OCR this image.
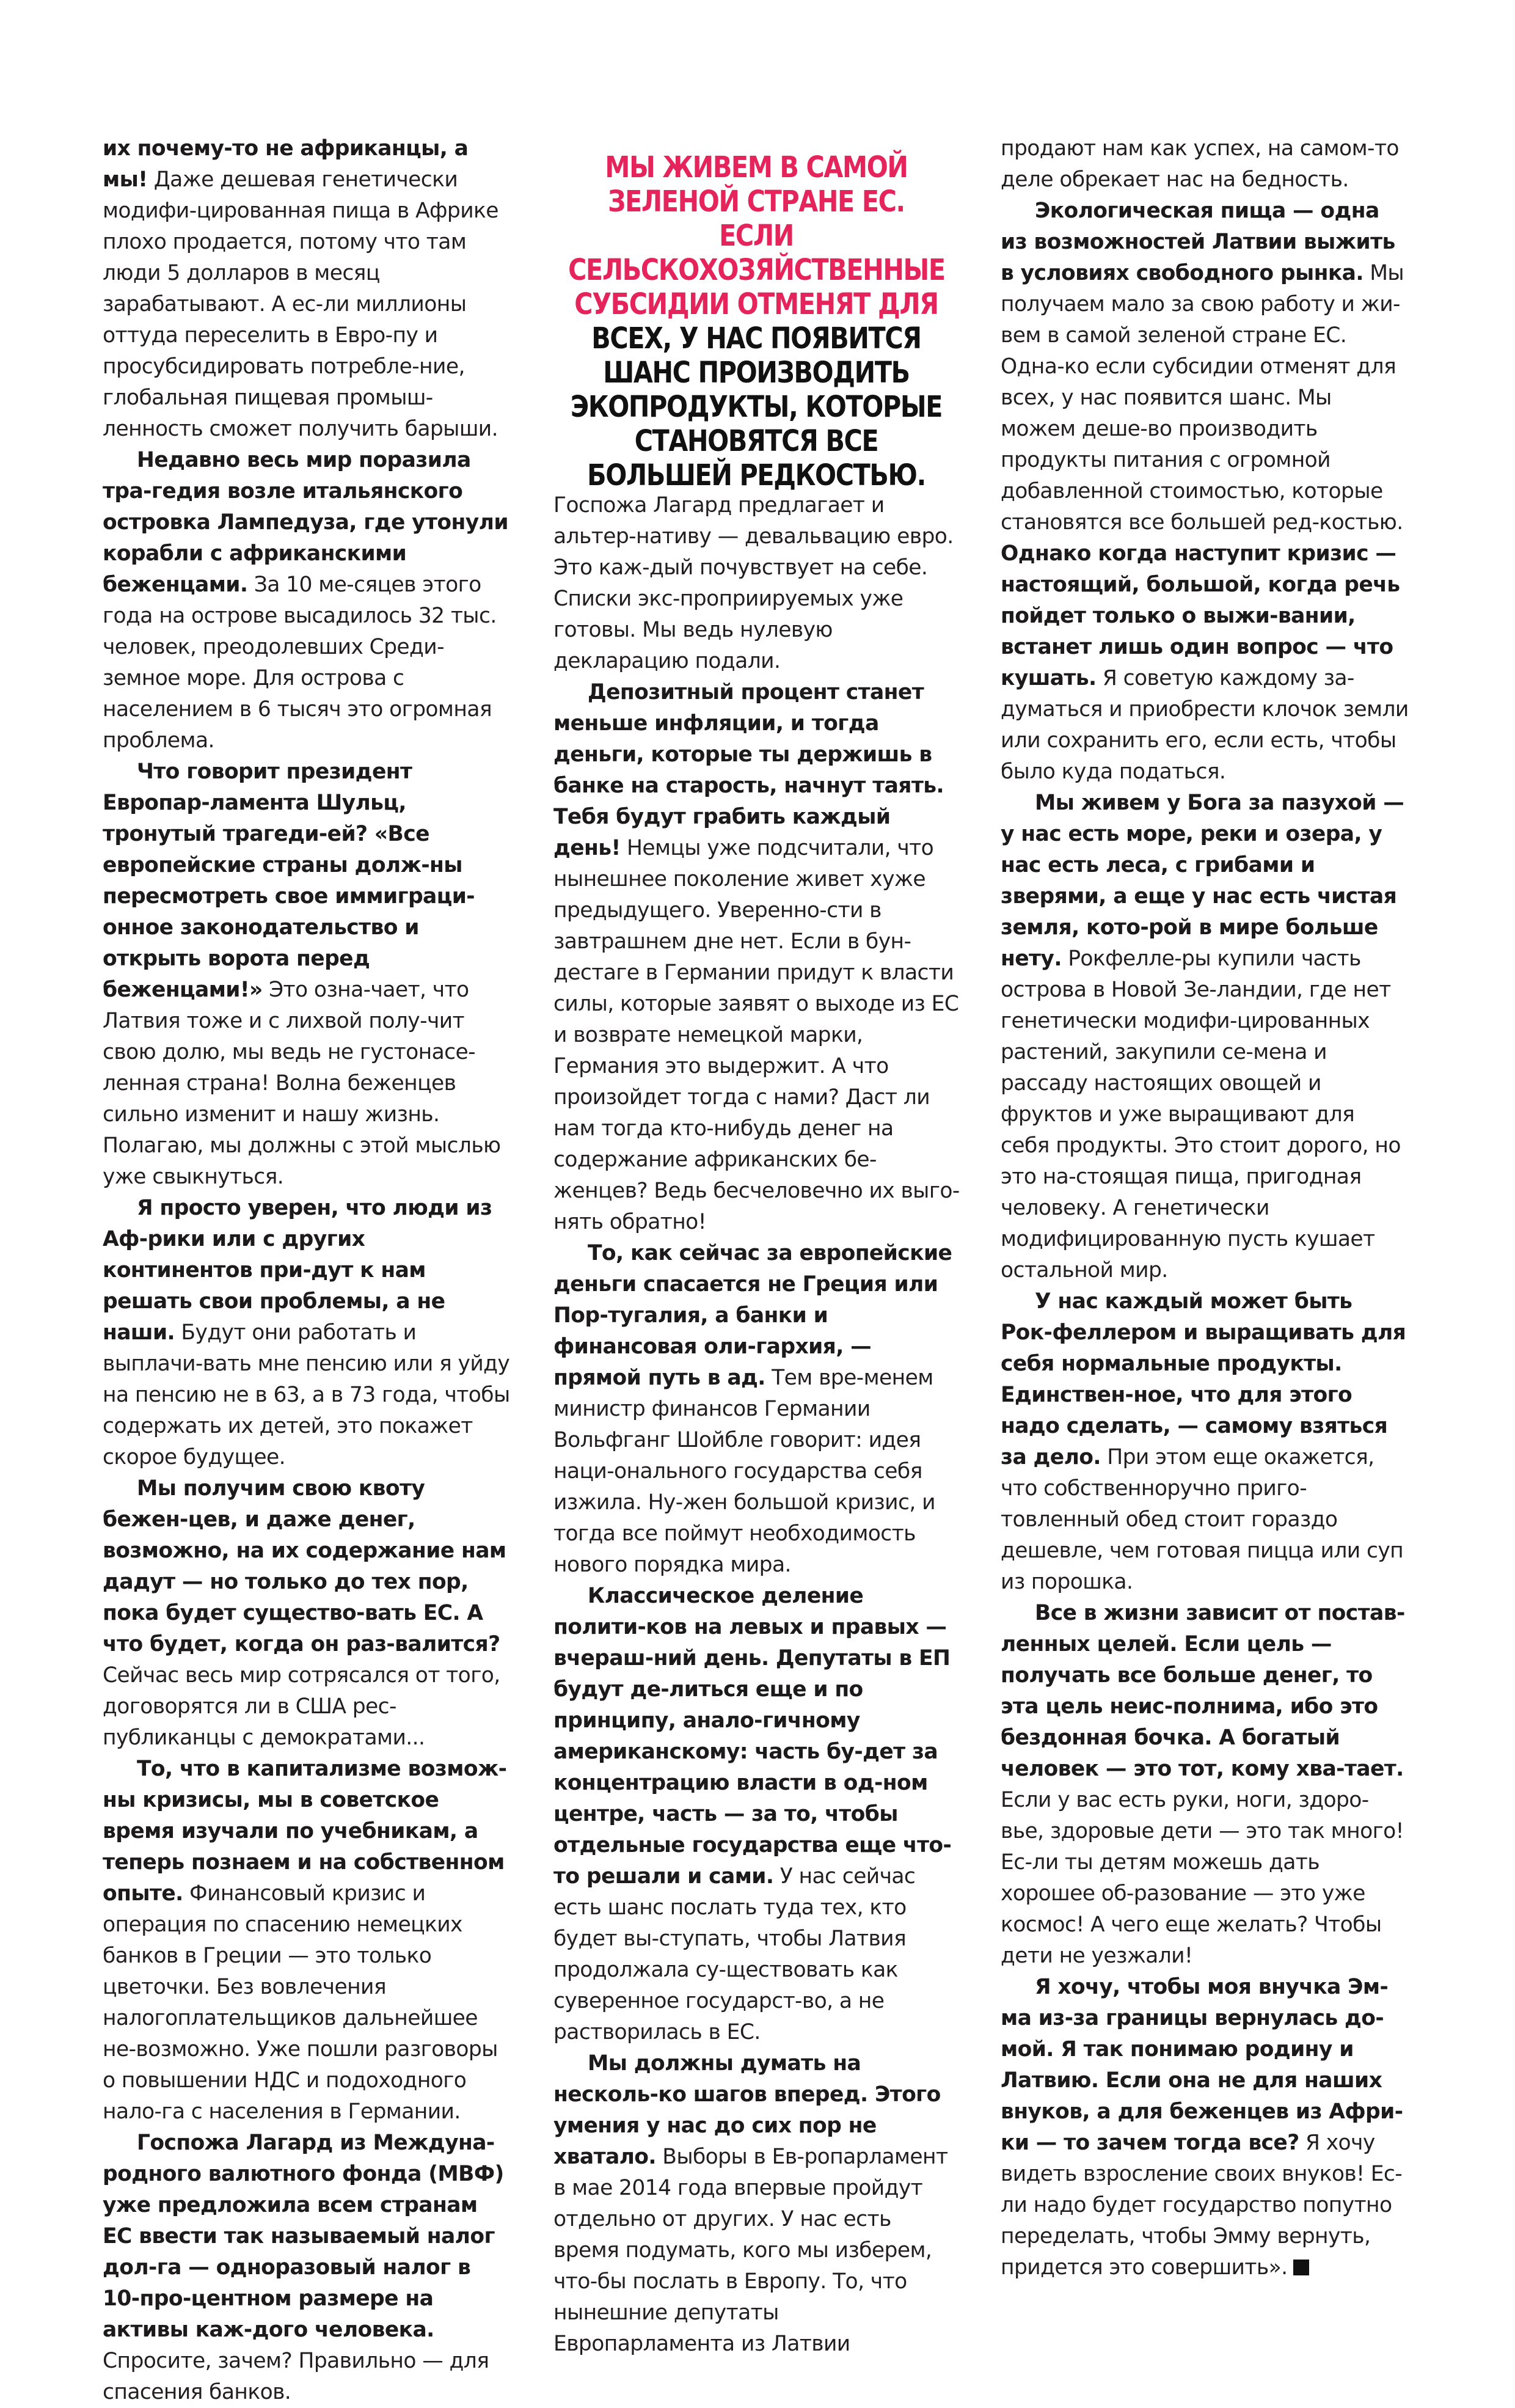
МЫ ЖИВЕМ В САМОЙ ЗЕЛЕНОЙ СТРАНЕ ЕС. ЕСЛИ СЕЛЬСКОХОЗЯЙСТВЕННЫЕ СУБСИДИИ ОТМЕНЯТ ДЛЯ ВСЕХ, У НАС ПОЯВИТСЯ ШАНС ПРОИЗВОДИТЬ ЭКОПРОДУКТЫ, КОТОРЫЕ СТАНОВЯТСЯ ВСЕ БОЛЬШЕЙ РЕДКОСТЬЮ.

их почему-то не африканцы, а мы! Даже дешевая генетически модифи-цированная пища в Африке плохо продается, потому что там люди 5 долларов в месяц зарабатывают. А ес-ли миллионы оттуда переселить в Евро-пу и просубсидировать потребле-ние, глобальная пищевая промыш-ленность сможет получить барыши.

Недавно весь мир поразила тра-гедия возле итальянского островка Лампедуза, где утонули корабли с африканскими беженцами. За 10 ме-сяцев этого года на острове высадилось 32 тыс. человек, преодолевших Среди-земное море. Для острова с населением в 6 тысяч это огромная проблема.

Что говорит президент Европар-ламента Шульц, тронутый трагеди-ей? «Все европейские страны долж-ны пересмотреть свое иммиграци-онное законодательство и открыть ворота перед беженцами!» Это озна-чает, что Латвия тоже и с лихвой полу-чит свою долю, мы ведь не густонасе-ленная страна! Волна беженцев сильно изменит и нашу жизнь. Полагаю, мы должны с этой мыслью уже свыкнуться.

Я просто уверен, что люди из Аф-рики или с других континентов при-дут к нам решать свои проблемы, а не наши. Будут они работать и выплачи-вать мне пенсию или я уйду на пенсию не в 63, а в 73 года, чтобы содержать их детей, это покажет скорое будущее.

Мы получим свою квоту бежен-цев, и даже денег, возможно, на их содержание нам дадут — но только до тех пор, пока будет существо-вать ЕС. А что будет, когда он раз-валится? Сейчас весь мир сотрясался от того, договорятся ли в США рес-публиканцы с демократами...

То, что в капитализме возмож-ны кризисы, мы в советское время изучали по учебникам, а теперь познаем и на собственном опыте. Финансовый кризис и операция по спасению немецких банков в Греции — это только цветочки. Без вовлечения налогоплательщиков дальнейшее не-возможно. Уже пошли разговоры о повышении НДС и подоходного нало-га с населения в Германии.

Госпожа Лагард из Междуна-родного валютного фонда (МВФ) уже предложила всем странам ЕС ввести так называемый налог дол-га — одноразовый налог в 10-про-центном размере на активы каж-дого человека. Спросите, зачем? Правильно — для спасения банков.

Госпожа Лагард предлагает и альтер-нативу — девальвацию евро. Это каж-дый почувствует на себе. Списки экс-проприируемых уже готовы. Мы ведь нулевую декларацию подали.

Депозитный процент станет меньше инфляции, и тогда деньги, которые ты держишь в банке на старость, начнут таять. Тебя будут грабить каждый день! Немцы уже подсчитали, что нынешнее поколение живет хуже предыдущего. Уверенно-сти в завтрашнем дне нет. Если в бун-дестаге в Германии придут к власти силы, которые заявят о выходе из ЕС и возврате немецкой марки, Германия это выдержит. А что произойдет тогда с нами? Даст ли нам тогда кто-нибудь денег на содержание африканских бе-женцев? Ведь бесчеловечно их выго-нять обратно!

То, как сейчас за европейские деньги спасается не Греция или Пор-тугалия, а банки и финансовая оли-гархия, — прямой путь в ад. Тем вре-менем министр финансов Германии Вольфганг Шойбле говорит: идея наци-онального государства себя изжила. Ну-жен большой кризис, и тогда все поймут необходимость нового порядка мира.

Классическое деление полити-ков на левых и правых — вчераш-ний день. Депутаты в ЕП будут де-литься еще и по принципу, анало-гичному американскому: часть бу-дет за концентрацию власти в од-ном центре, часть — за то, чтобы отдельные государства еще что-то решали и сами. У нас сейчас есть шанс послать туда тех, кто будет вы-ступать, чтобы Латвия продолжала су-ществовать как суверенное государст-во, а не растворилась в ЕС.

Мы должны думать на несколь-ко шагов вперед. Этого умения у нас до сих пор не хватало. Выборы в Ев-ропарламент в мае 2014 года впервые пройдут отдельно от других. У нас есть время подумать, кого мы изберем, что-бы послать в Европу. То, что нынешние депутаты Европарламента из Латвии

продают нам как успех, на самом-то деле обрекает нас на бедность.

Экологическая пища — одна из возможностей Латвии выжить в условиях свободного рынка. Мы получаем мало за свою работу и жи-вем в самой зеленой стране ЕС. Одна-ко если субсидии отменят для всех, у нас появится шанс. Мы можем деше-во производить продукты питания с огромной добавленной стоимостью, которые становятся все большей ред-костью. Однако когда наступит кризис — настоящий, большой, когда речь пойдет только о выжи-вании, встанет лишь один вопрос — что кушать. Я советую каждому за-думаться и приобрести клочок земли или сохранить его, если есть, чтобы было куда податься.

Мы живем у Бога за пазухой — у нас есть море, реки и озера, у нас есть леса, с грибами и зверями, а еще у нас есть чистая земля, кото-рой в мире больше нету. Рокфелле-ры купили часть острова в Новой Зе-ландии, где нет генетически модифи-цированных растений, закупили се-мена и рассаду настоящих овощей и фруктов и уже выращивают для себя продукты. Это стоит дорого, но это на-стоящая пища, пригодная человеку. А генетически модифицированную пусть кушает остальной мир.

У нас каждый может быть Рок-феллером и выращивать для себя нормальные продукты. Единствен-ное, что для этого надо сделать, — самому взяться за дело. При этом еще окажется, что собственноручно приго-товленный обед стоит гораздо дешевле, чем готовая пицца или суп из порошка.

Все в жизни зависит от постав-ленных целей. Если цель — получать все больше денег, то эта цель неис-полнима, ибо это бездонная бочка. А богатый человек — это тот, кому хва-тает. Если у вас есть руки, ноги, здоро-вье, здоровые дети — это так много! Ес-ли ты детям можешь дать хорошее об-разование — это уже космос! А чего еще желать? Чтобы дети не уезжали!

Я хочу, чтобы моя внучка Эм-ма из-за границы вернулась до-мой. Я так понимаю родину и Латвию. Если она не для наших внуков, а для беженцев из Афри-ки — то зачем тогда все? Я хочу видеть взросление своих внуков! Ес-ли надо будет государство попутно переделать, чтобы Эмму вернуть, придется это совершить».
